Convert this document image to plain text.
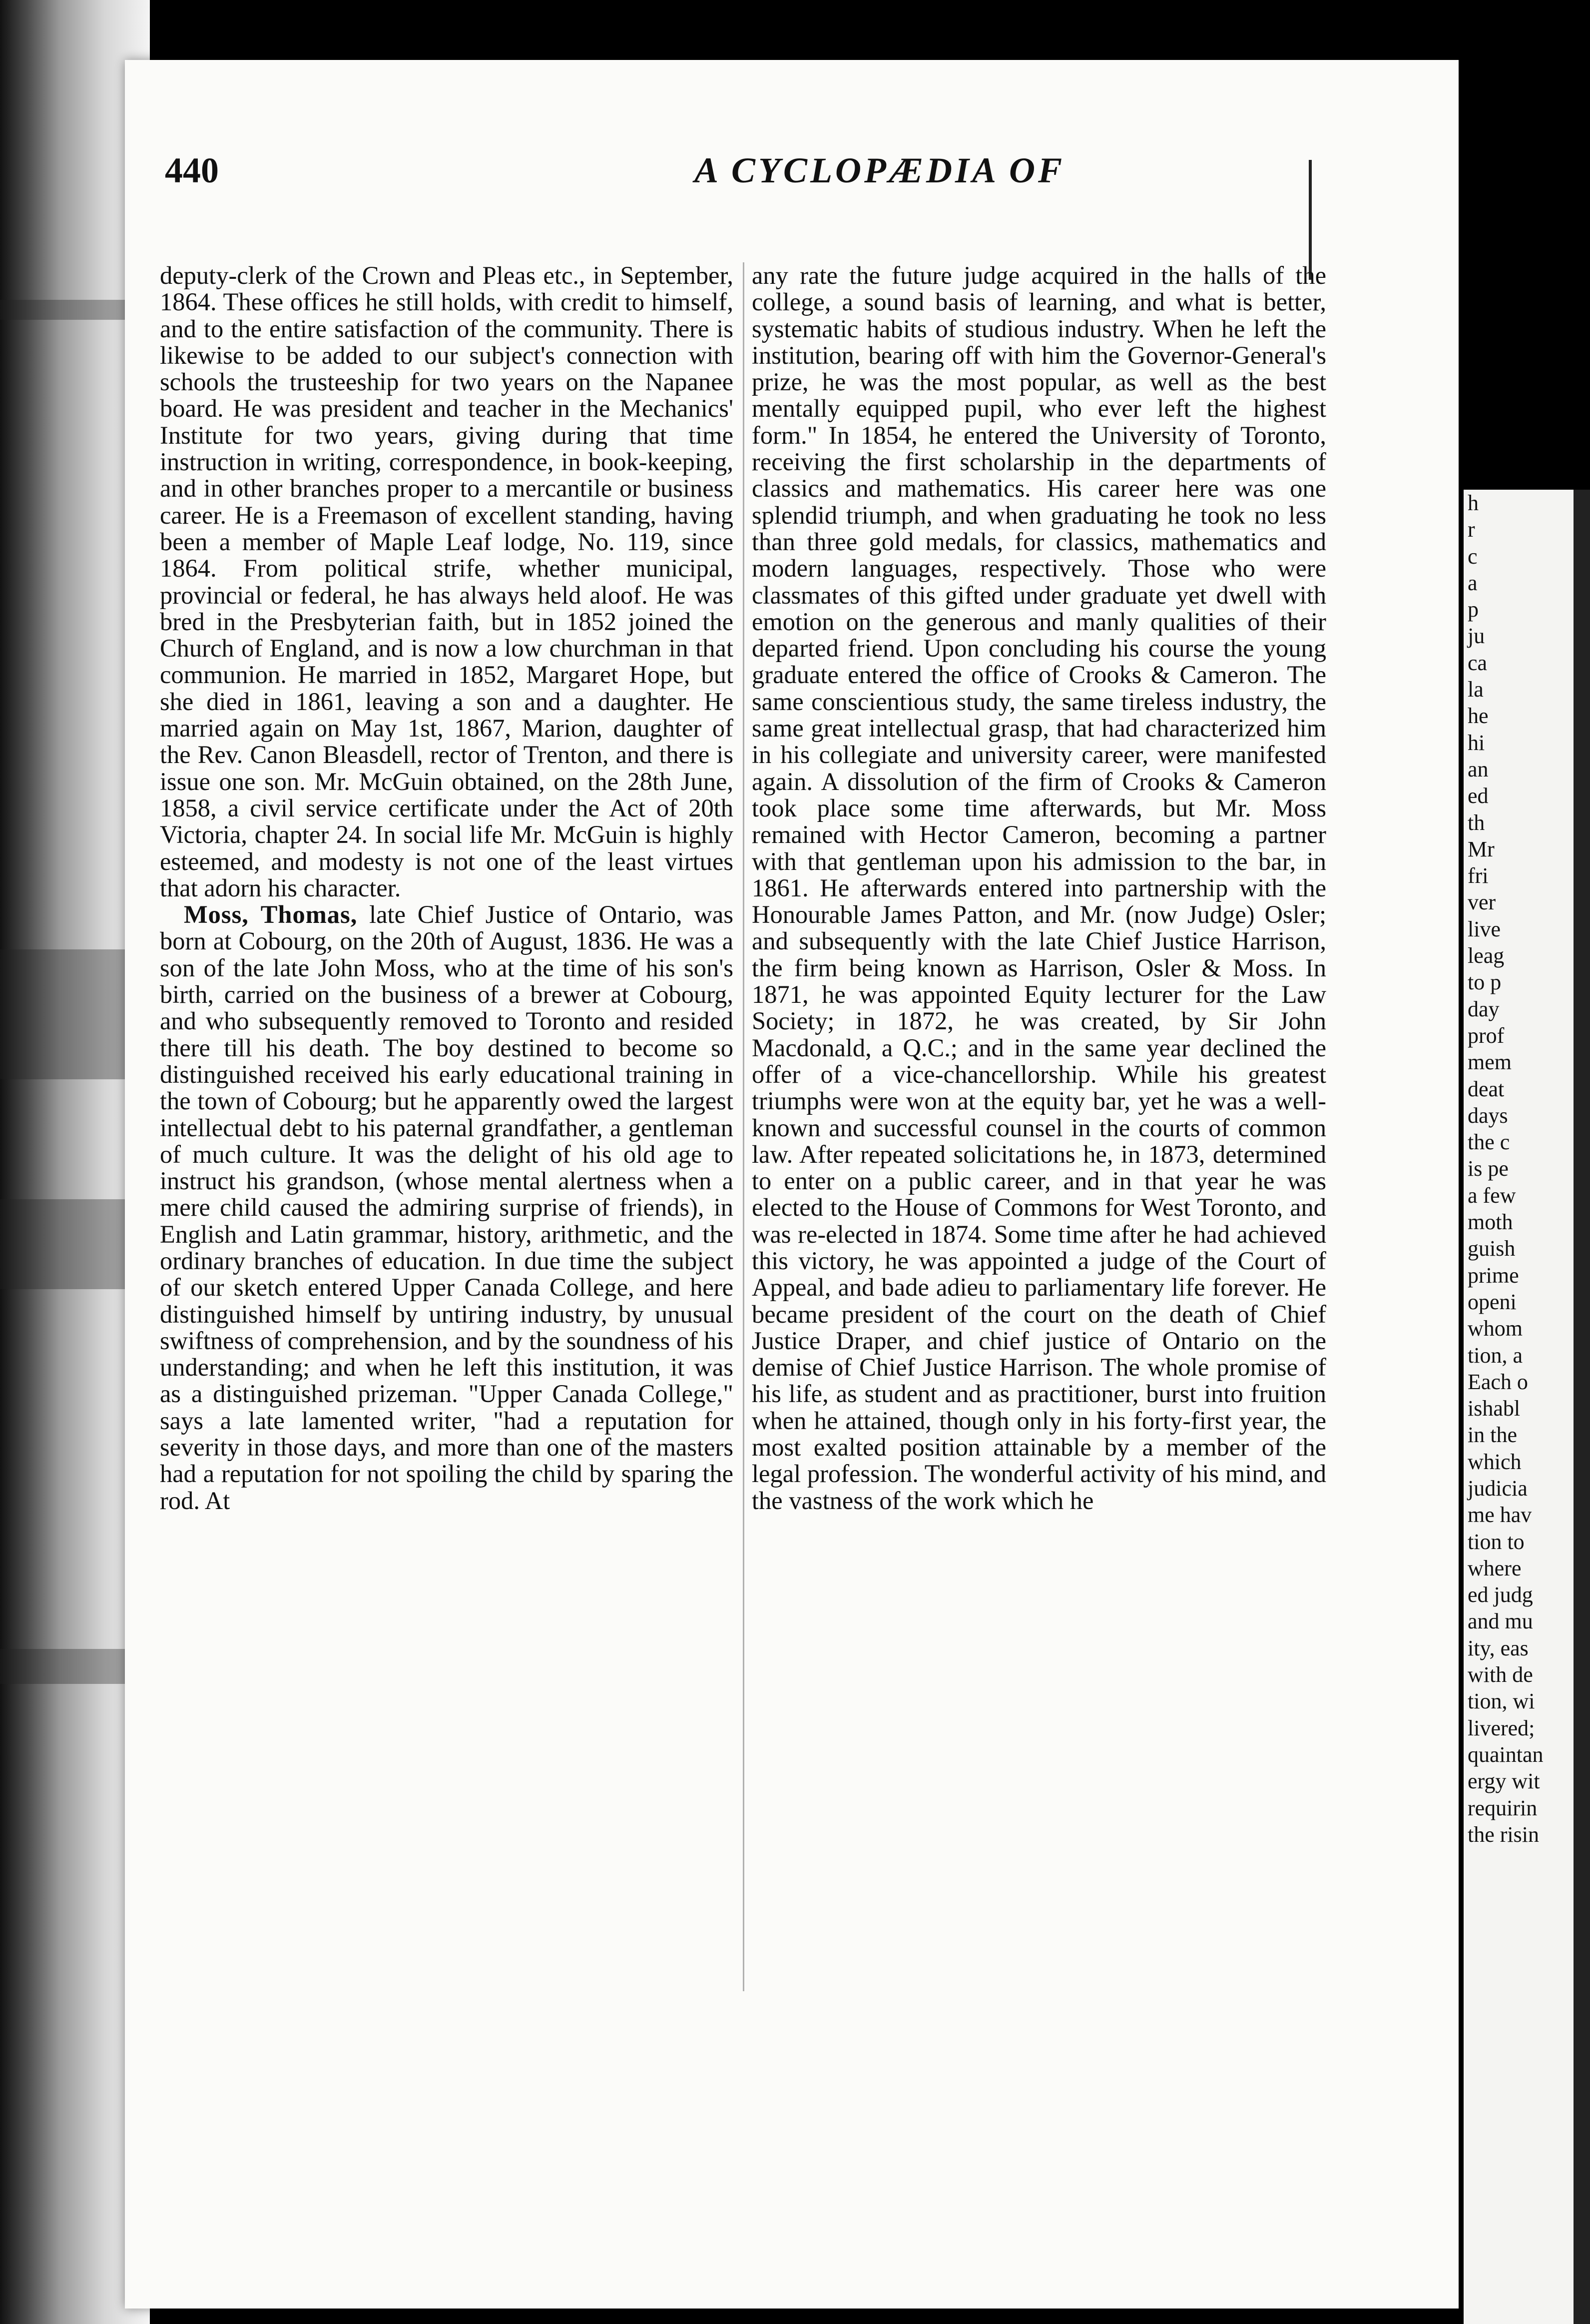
440	A CYCLOPÆDIA OF

deputy-clerk of the Crown and Pleas etc., in September, 1864. These offices he still holds, with credit to himself, and to the entire satisfaction of the community. There is likewise to be added to our subject's connection with schools the trusteeship for two years on the Napanee board. He was president and teacher in the Mechanics' Institute for two years, giving during that time instruction in writing, correspondence, in book-keeping, and in other branches proper to a mercantile or business career. He is a Freemason of excellent standing, having been a member of Maple Leaf lodge, No. 119, since 1864. From political strife, whether municipal, provincial or federal, he has always held aloof. He was bred in the Presbyterian faith, but in 1852 joined the Church of England, and is now a low churchman in that communion. He married in 1852, Margaret Hope, but she died in 1861, leaving a son and a daughter. He married again on May 1st, 1867, Marion, daughter of the Rev. Canon Bleasdell, rector of Trenton, and there is issue one son. Mr. McGuin obtained, on the 28th June, 1858, a civil service certificate under the Act of 20th Victoria, chapter 24. In social life Mr. McGuin is highly esteemed, and modesty is not one of the least virtues that adorn his character.

Moss, Thomas, late Chief Justice of Ontario, was born at Cobourg, on the 20th of August, 1836. He was a son of the late John Moss, who at the time of his son's birth, carried on the business of a brewer at Cobourg, and who subsequently removed to Toronto and resided there till his death. The boy destined to become so distinguished received his early educational training in the town of Cobourg; but he apparently owed the largest intellectual debt to his paternal grandfather, a gentleman of much culture. It was the delight of his old age to instruct his grandson, (whose mental alertness when a mere child caused the admiring surprise of friends), in English and Latin grammar, history, arithmetic, and the ordinary branches of education. In due time the subject of our sketch entered Upper Canada College, and here distinguished himself by untiring industry, by unusual swiftness of comprehension, and by the soundness of his understanding; and when he left this institution, it was as a distinguished prizeman. "Upper Canada College," says a late lamented writer, "had a reputation for severity in those days, and more than one of the masters had a reputation for not spoiling the child by sparing the rod. At

any rate the future judge acquired in the halls of the college, a sound basis of learning, and what is better, systematic habits of studious industry. When he left the institution, bearing off with him the Governor-General's prize, he was the most popular, as well as the best mentally equipped pupil, who ever left the highest form." In 1854, he entered the University of Toronto, receiving the first scholarship in the departments of classics and mathematics. His career here was one splendid triumph, and when graduating he took no less than three gold medals, for classics, mathematics and modern languages, respectively. Those who were classmates of this gifted under graduate yet dwell with emotion on the generous and manly qualities of their departed friend. Upon concluding his course the young graduate entered the office of Crooks & Cameron. The same conscientious study, the same tireless industry, the same great intellectual grasp, that had characterized him in his collegiate and university career, were manifested again. A dissolution of the firm of Crooks & Cameron took place some time afterwards, but Mr. Moss remained with Hector Cameron, becoming a partner with that gentleman upon his admission to the bar, in 1861. He afterwards entered into partnership with the Honourable James Patton, and Mr. (now Judge) Osler; and subsequently with the late Chief Justice Harrison, the firm being known as Harrison, Osler & Moss. In 1871, he was appointed Equity lecturer for the Law Society; in 1872, he was created, by Sir John Macdonald, a Q.C.; and in the same year declined the offer of a vice-chancellorship. While his greatest triumphs were won at the equity bar, yet he was a well-known and successful counsel in the courts of common law. After repeated solicitations he, in 1873, determined to enter on a public career, and in that year he was elected to the House of Commons for West Toronto, and was re-elected in 1874. Some time after he had achieved this victory, he was appointed a judge of the Court of Appeal, and bade adieu to parliamentary life forever. He became president of the court on the death of Chief Justice Draper, and chief justice of Ontario on the demise of Chief Justice Harrison. The whole promise of his life, as student and as practitioner, burst into fruition when he attained, though only in his forty-first year, the most exalted position attainable by a member of the legal profession. The wonderful activity of his mind, and the vastness of the work which he

h
r
c
a
p
ju
ca
la
he
hi
an
ed
th
Mr
fri
ver
live
leag
to p
day
prof
mem
deat
days
the c
is pe
a few
moth
guish
prime
openi
whom
tion, a
Each o
ishabl
in the
which
judicia
me hav
tion to
where
ed judg
and mu
ity, eas
with de
tion, wi
livered;
quaintan
ergy wit
requirin
the risin
